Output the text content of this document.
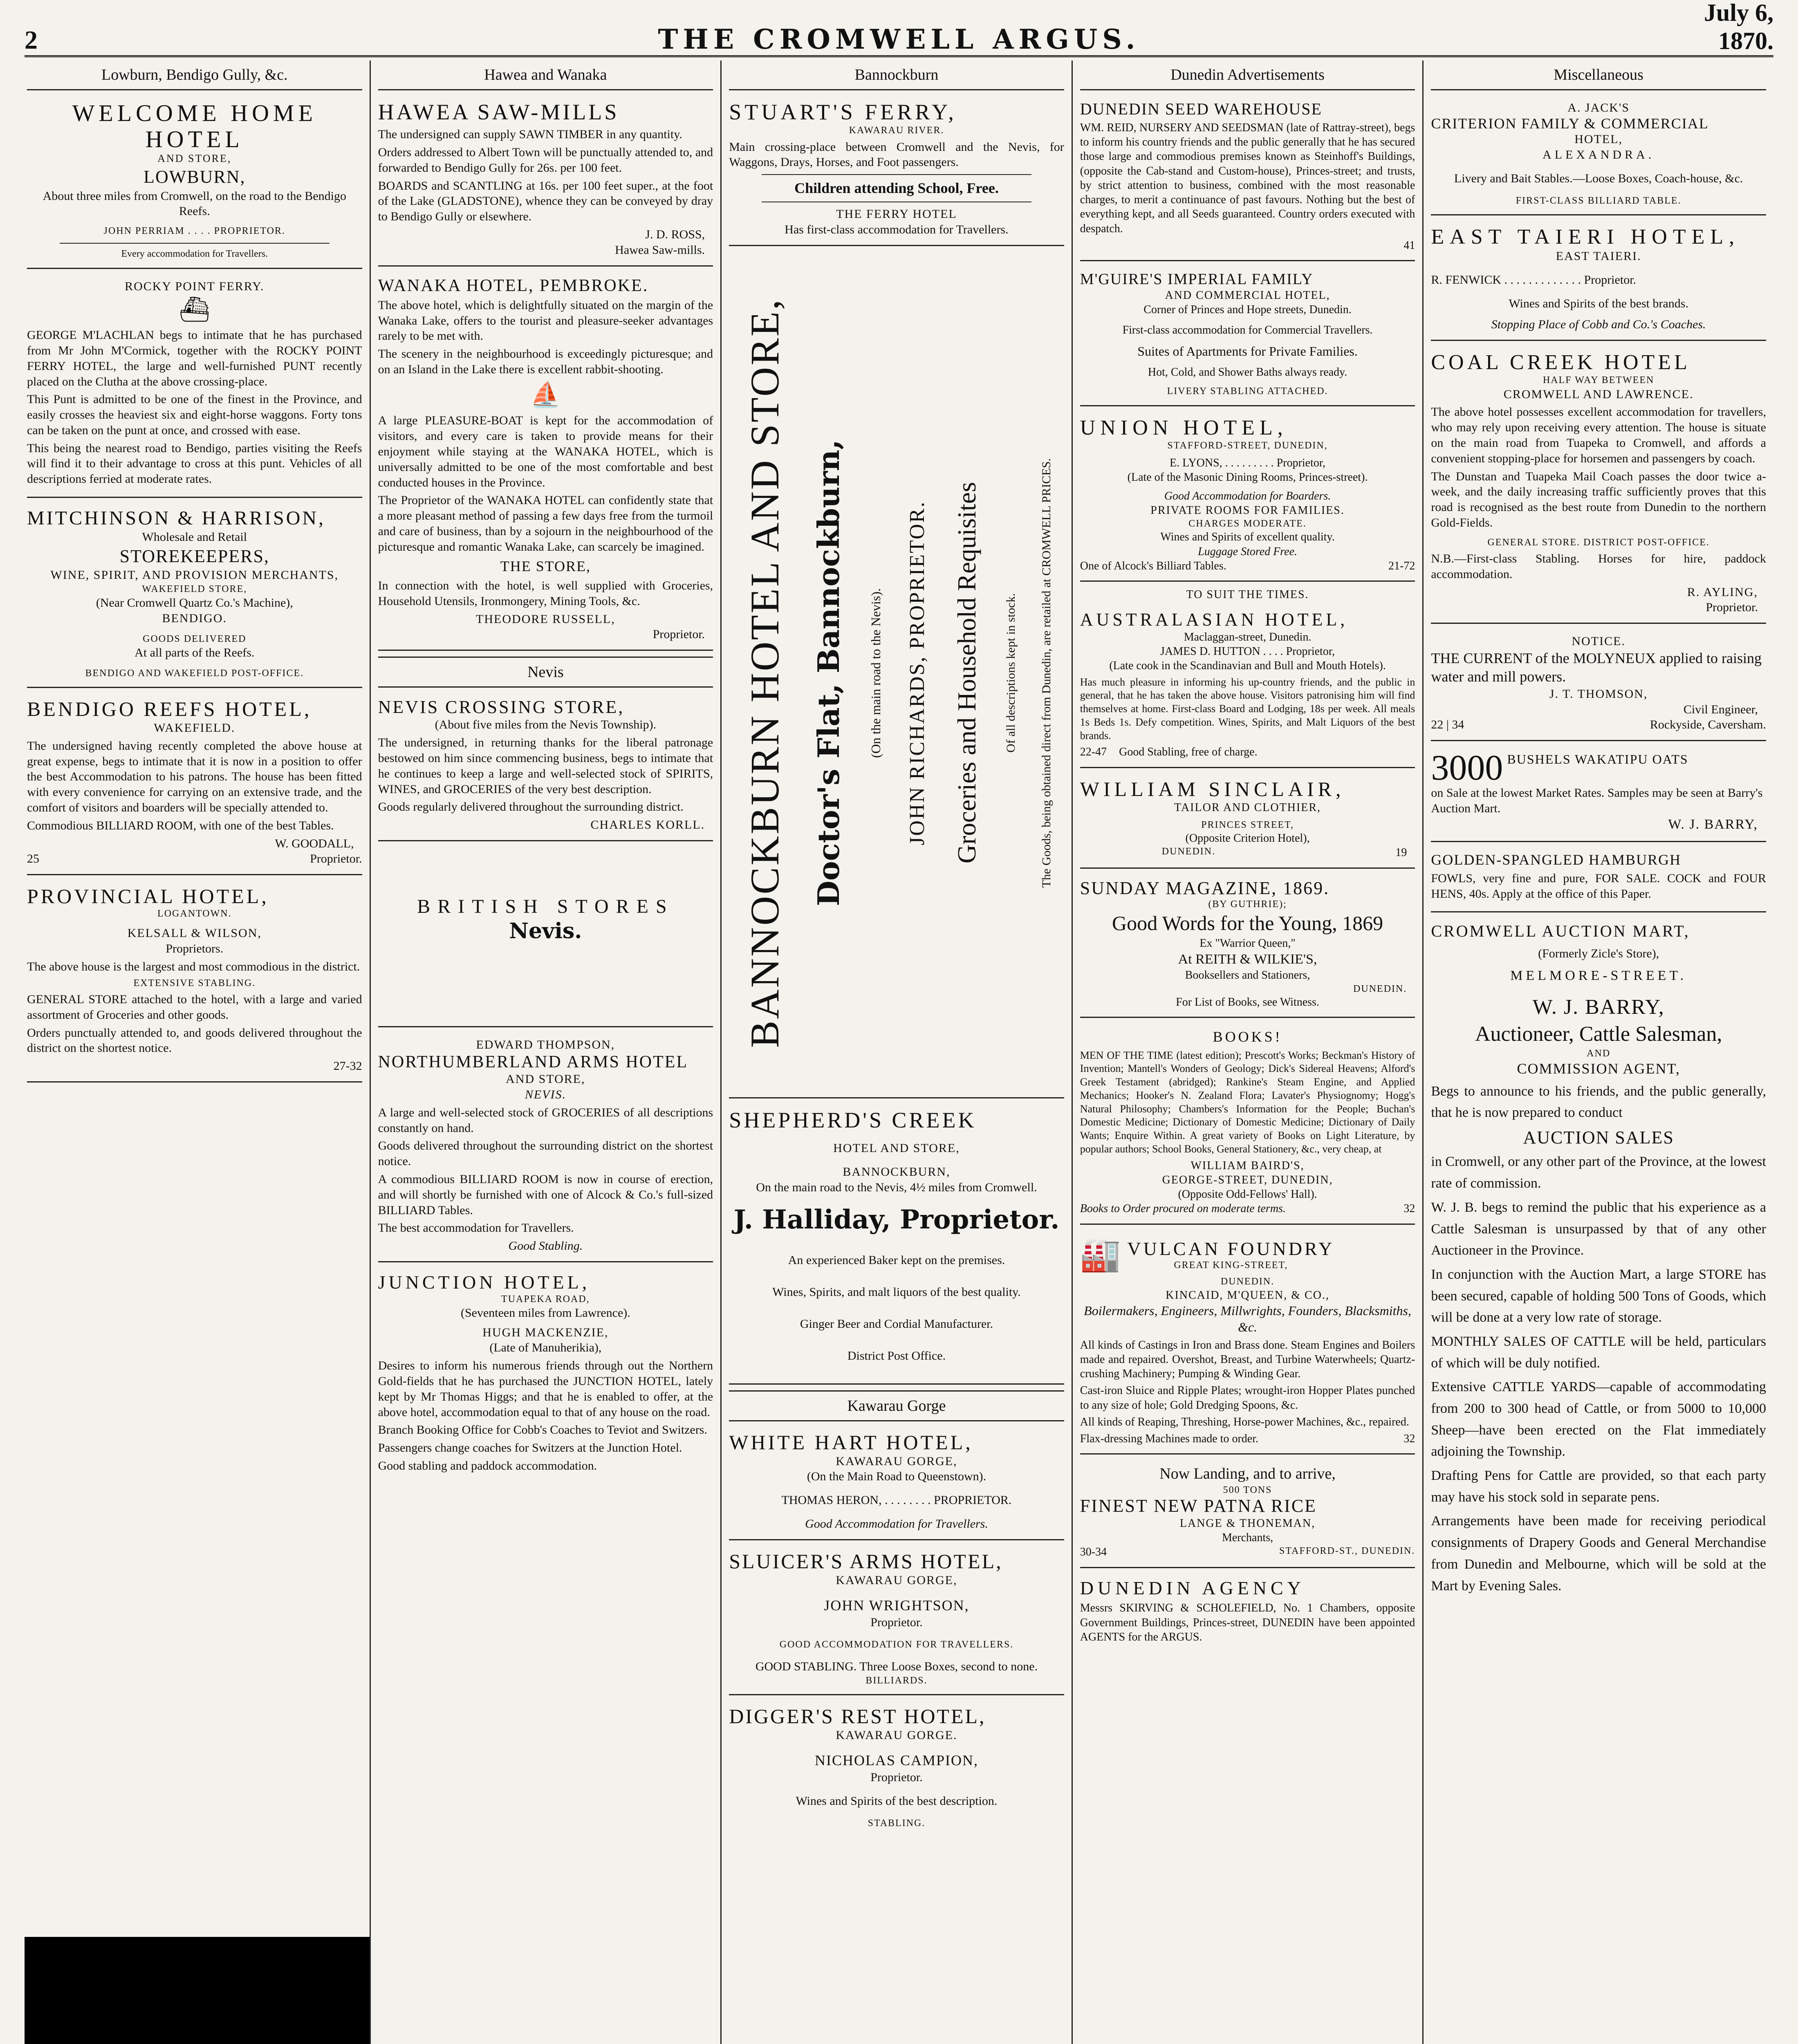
2	THE CROMWELL ARGUS.
July 6, 1870.
Lowburn, Bendigo Gully, &c.
WELCOME HOME HOTEL
AND STORE,
LOWBURN,
About three miles from Cromwell, on the road to the Bendigo Reefs.
JOHN PERRIAM . . . . PROPRIETOR.
Every accommodation for Travellers.
ROCKY POINT FERRY.
⛴

GEORGE M'LACHLAN begs to intimate that he has purchased from Mr John M'Cormick, together with the ROCKY POINT FERRY HOTEL, the large and well-furnished PUNT recently placed on the Clutha at the above crossing-place.

This Punt is admitted to be one of the finest in the Province, and easily crosses the heaviest six and eight-horse waggons. Forty tons can be taken on the punt at once, and crossed with ease.

This being the nearest road to Bendigo, parties visiting the Reefs will find it to their advantage to cross at this punt. Vehicles of all descriptions ferried at moderate rates.

MITCHINSON & HARRISON,
Wholesale and Retail
STOREKEEPERS,
WINE, SPIRIT, AND PROVISION MERCHANTS,
WAKEFIELD STORE,
(Near Cromwell Quartz Co.'s Machine),
BENDIGO.
GOODS DELIVERED
At all parts of the Reefs.
BENDIGO AND WAKEFIELD POST-OFFICE.
BENDIGO REEFS HOTEL,
WAKEFIELD.

The undersigned having recently completed the above house at great expense, begs to intimate that it is now in a position to offer the best Accommodation to his patrons. The house has been fitted with every convenience for carrying on an extensive trade, and the comfort of visitors and boarders will be specially attended to.

Commodious BILLIARD ROOM, with one of the best Tables.

W. GOODALL,
25	Proprietor.
PROVINCIAL HOTEL,
LOGANTOWN.
KELSALL & WILSON,
Proprietors.

The above house is the largest and most commodious in the district.

EXTENSIVE STABLING.

GENERAL STORE attached to the hotel, with a large and varied assortment of Groceries and other goods.

Orders punctually attended to, and goods delivered throughout the district on the shortest notice.

27-32

Hawea and Wanaka
HAWEA SAW-MILLS

The undersigned can supply SAWN TIMBER in any quantity.

Orders addressed to Albert Town will be punctually attended to, and forwarded to Bendigo Gully for 26s. per 100 feet.

BOARDS and SCANTLING at 16s. per 100 feet super., at the foot of the Lake (GLADSTONE), whence they can be conveyed by dray to Bendigo Gully or elsewhere.

J. D. ROSS,
Hawea Saw-mills.
WANAKA HOTEL, PEMBROKE.

The above hotel, which is delightfully situated on the margin of the Wanaka Lake, offers to the tourist and pleasure-seeker advantages rarely to be met with.

The scenery in the neighbourhood is exceedingly picturesque; and on an Island in the Lake there is excellent rabbit-shooting.

⛵

A large PLEASURE-BOAT is kept for the accommodation of visitors, and every care is taken to provide means for their enjoyment while staying at the WANAKA HOTEL, which is universally admitted to be one of the most comfortable and best conducted houses in the Province.

The Proprietor of the WANAKA HOTEL can confidently state that a more pleasant method of passing a few days free from the turmoil and care of business, than by a sojourn in the neighbourhood of the picturesque and romantic Wanaka Lake, can scarcely be imagined.

THE STORE,

In connection with the hotel, is well supplied with Groceries, Household Utensils, Ironmongery, Mining Tools, &c.

THEODORE RUSSELL,
Proprietor.
Nevis
NEVIS CROSSING STORE,
(About five miles from the Nevis Township).

The undersigned, in returning thanks for the liberal patronage bestowed on him since commencing business, begs to intimate that he continues to keep a large and well-selected stock of SPIRITS, WINES, and GROCERIES of the very best description.

Goods regularly delivered throughout the surrounding district.

CHARLES KORLL.
BRITISH STORES
Nevis.
EDWARD THOMPSON,
NORTHUMBERLAND ARMS HOTEL
AND STORE,
NEVIS.

A large and well-selected stock of GROCERIES of all descriptions constantly on hand.

Goods delivered throughout the surrounding district on the shortest notice.

A commodious BILLIARD ROOM is now in course of erection, and will shortly be furnished with one of Alcock & Co.'s full-sized BILLIARD Tables.

The best accommodation for Travellers.

Good Stabling.
JUNCTION HOTEL,
TUAPEKA ROAD,
(Seventeen miles from Lawrence).
HUGH MACKENZIE,
(Late of Manuherikia),

Desires to inform his numerous friends through out the Northern Gold-fields that he has purchased the JUNCTION HOTEL, lately kept by Mr Thomas Higgs; and that he is enabled to offer, at the above hotel, accommodation equal to that of any house on the road.

Branch Booking Office for Cobb's Coaches to Teviot and Switzers.

Passengers change coaches for Switzers at the Junction Hotel.

Good stabling and paddock accommodation.

Bannockburn
STUART'S FERRY,
KAWARAU RIVER.

Main crossing-place between Cromwell and the Nevis, for Waggons, Drays, Horses, and Foot passengers.

Children attending School, Free.
THE FERRY HOTEL
Has first-class accommodation for Travellers.
BANNOCKBURN HOTEL AND STORE, Doctor's Flat, Bannockburn, (On the main road to the Nevis). JOHN RICHARDS, PROPRIETOR. Groceries and Household Requisites Of all descriptions kept in stock. The Goods, being obtained direct from Dunedin, are retailed at CROMWELL PRICES.
SHEPHERD'S CREEK
HOTEL AND STORE,
BANNOCKBURN,
On the main road to the Nevis, 4½ miles from Cromwell.
J. Halliday, Proprietor.
An experienced Baker kept on the premises.
Wines, Spirits, and malt liquors of the best quality.
Ginger Beer and Cordial Manufacturer.
District Post Office.
Kawarau Gorge
WHITE HART HOTEL,
KAWARAU GORGE,
(On the Main Road to Queenstown).
THOMAS HERON, . . . . . . . . PROPRIETOR.
Good Accommodation for Travellers.
SLUICER'S ARMS HOTEL,
KAWARAU GORGE,
JOHN WRIGHTSON,
Proprietor.
GOOD ACCOMMODATION FOR TRAVELLERS.
GOOD STABLING. Three Loose Boxes, second to none.
BILLIARDS.
DIGGER'S REST HOTEL,
KAWARAU GORGE.
NICHOLAS CAMPION,
Proprietor.
Wines and Spirits of the best description.
STABLING.
Dunedin Advertisements
DUNEDIN SEED WAREHOUSE

WM. REID, NURSERY AND SEEDSMAN (late of Rattray-street), begs to inform his country friends and the public generally that he has secured those large and commodious premises known as Steinhoff's Buildings, (opposite the Cab-stand and Custom-house), Princes-street; and trusts, by strict attention to business, combined with the most reasonable charges, to merit a continuance of past favours. Nothing but the best of everything kept, and all Seeds guaranteed. Country orders executed with despatch.

41
M'GUIRE'S IMPERIAL FAMILY
AND COMMERCIAL HOTEL,
Corner of Princes and Hope streets, Dunedin.
First-class accommodation for Commercial Travellers.
Suites of Apartments for Private Families.
Hot, Cold, and Shower Baths always ready.
LIVERY STABLING ATTACHED.
UNION HOTEL,
STAFFORD-STREET, DUNEDIN,
E. LYONS, . . . . . . . . . Proprietor,
(Late of the Masonic Dining Rooms, Princes-street).
Good Accommodation for Boarders.
PRIVATE ROOMS FOR FAMILIES.
CHARGES MODERATE.
Wines and Spirits of excellent quality.
Luggage Stored Free.
One of Alcock's Billiard Tables.	21-72
TO SUIT THE TIMES.
AUSTRALASIAN HOTEL,
Maclaggan-street, Dunedin.
JAMES D. HUTTON . . . . Proprietor,
(Late cook in the Scandinavian and Bull and Mouth Hotels).

Has much pleasure in informing his up-country friends, and the public in general, that he has taken the above house. Visitors patronising him will find themselves at home. First-class Board and Lodging, 18s per week. All meals 1s Beds 1s. Defy competition. Wines, Spirits, and Malt Liquors of the best brands.

22-47 Good Stabling, free of charge.
WILLIAM SINCLAIR,
TAILOR AND CLOTHIER,
PRINCES STREET,
(Opposite Criterion Hotel),
DUNEDIN.	19
SUNDAY MAGAZINE, 1869.
(BY GUTHRIE);
Good Words for the Young, 1869
Ex "Warrior Queen,"
At REITH & WILKIE'S,
Booksellers and Stationers,
DUNEDIN.
For List of Books, see Witness.
BOOKS!

MEN OF THE TIME (latest edition); Prescott's Works; Beckman's History of Invention; Mantell's Wonders of Geology; Dick's Sidereal Heavens; Alford's Greek Testament (abridged); Rankine's Steam Engine, and Applied Mechanics; Hooker's N. Zealand Flora; Lavater's Physiognomy; Hogg's Natural Philosophy; Chambers's Information for the People; Buchan's Domestic Medicine; Dictionary of Domestic Medicine; Dictionary of Daily Wants; Enquire Within. A great variety of Books on Light Literature, by popular authors; School Books, General Stationery, &c., very cheap, at

WILLIAM BAIRD'S,
GEORGE-STREET, DUNEDIN,
(Opposite Odd-Fellows' Hall).
Books to Order procured on moderate terms.	32
🏭 VULCAN FOUNDRY
GREAT KING-STREET,
DUNEDIN.
KINCAID, M'QUEEN, & CO.,
Boilermakers, Engineers, Millwrights, Founders, Blacksmiths, &c.

All kinds of Castings in Iron and Brass done. Steam Engines and Boilers made and repaired. Overshot, Breast, and Turbine Waterwheels; Quartz-crushing Machinery; Pumping & Winding Gear.

Cast-iron Sluice and Ripple Plates; wrought-iron Hopper Plates punched to any size of hole; Gold Dredging Spoons, &c.

All kinds of Reaping, Threshing, Horse-power Machines, &c., repaired.

Flax-dressing Machines made to order.	32
Now Landing, and to arrive,
500 TONS
FINEST NEW PATNA RICE
LANGE & THONEMAN,
Merchants,
30-34	STAFFORD-ST., DUNEDIN.
DUNEDIN AGENCY

Messrs SKIRVING & SCHOLEFIELD, No. 1 Chambers, opposite Government Buildings, Princes-street, DUNEDIN have been appointed AGENTS for the ARGUS.

Miscellaneous
A. JACK'S
CRITERION FAMILY & COMMERCIAL
HOTEL,
ALEXANDRA.
Livery and Bait Stables.—Loose Boxes, Coach-house, &c.
FIRST-CLASS BILLIARD TABLE.
EAST TAIERI HOTEL,
EAST TAIERI.
R. FENWICK . . . . . . . . . . . . . Proprietor.
Wines and Spirits of the best brands.
Stopping Place of Cobb and Co.'s Coaches.
COAL CREEK HOTEL
HALF WAY BETWEEN
CROMWELL AND LAWRENCE.

The above hotel possesses excellent accommodation for travellers, who may rely upon receiving every attention. The house is situate on the main road from Tuapeka to Cromwell, and affords a convenient stopping-place for horsemen and passengers by coach.

The Dunstan and Tuapeka Mail Coach passes the door twice a-week, and the daily increasing traffic sufficiently proves that this road is recognised as the best route from Dunedin to the northern Gold-Fields.

GENERAL STORE. DISTRICT POST-OFFICE.

N.B.—First-class Stabling. Horses for hire, paddock accommodation.

R. AYLING,
Proprietor.
NOTICE.
THE CURRENT of the MOLYNEUX applied to raising water and mill powers.
J. T. THOMSON,
Civil Engineer,
22 | 34	Rockyside, Caversham.
3000 BUSHELS WAKATIPU OATS
on Sale at the lowest Market Rates. Samples may be seen at Barry's Auction Mart.
W. J. BARRY,
GOLDEN-SPANGLED HAMBURGH

FOWLS, very fine and pure, FOR SALE. COCK and FOUR HENS, 40s. Apply at the office of this Paper.

CROMWELL AUCTION MART,
(Formerly Zicle's Store),
MELMORE-STREET.
W. J. BARRY,
Auctioneer, Cattle Salesman,
AND
COMMISSION AGENT,

Begs to announce to his friends, and the public generally, that he is now prepared to conduct

AUCTION SALES

in Cromwell, or any other part of the Province, at the lowest rate of commission.

W. J. B. begs to remind the public that his experience as a Cattle Salesman is unsurpassed by that of any other Auctioneer in the Province.

In conjunction with the Auction Mart, a large STORE has been secured, capable of holding 500 Tons of Goods, which will be done at a very low rate of storage.

MONTHLY SALES OF CATTLE will be held, particulars of which will be duly notified.

Extensive CATTLE YARDS—capable of accommodating from 200 to 300 head of Cattle, or from 5000 to 10,000 Sheep—have been erected on the Flat immediately adjoining the Township.

Drafting Pens for Cattle are provided, so that each party may have his stock sold in separate pens.

Arrangements have been made for receiving periodical consignments of Drapery Goods and General Merchandise from Dunedin and Melbourne, which will be sold at the Mart by Evening Sales.
